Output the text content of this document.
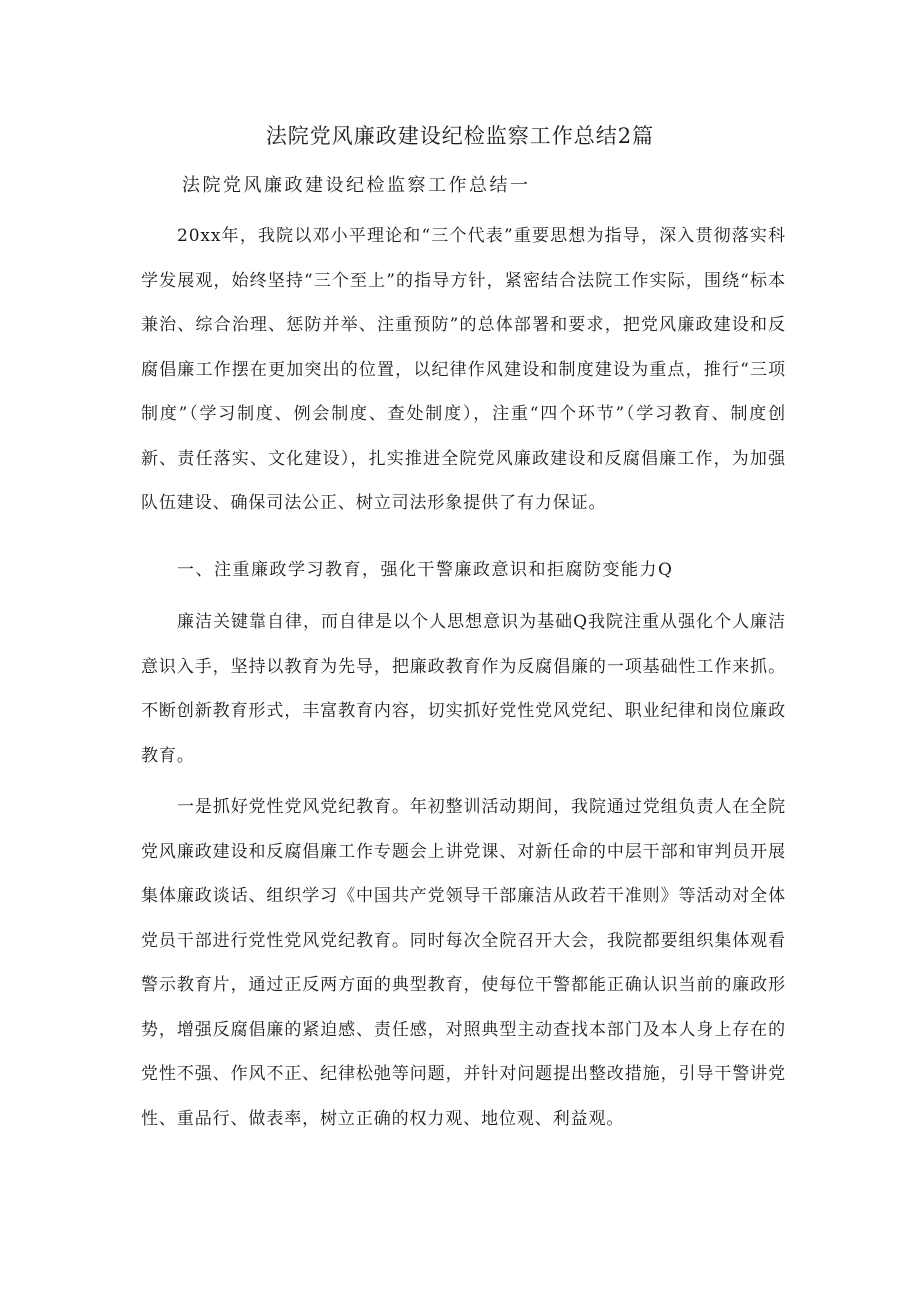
法院党风廉政建设纪检监察工作总结2篇
法院党风廉政建设纪检监察工作总结一

20xx年，我院以邓小平理论和“三个代表”重要思想为指导，深入贯彻落实科学发展观，始终坚持“三个至上”的指导方针，紧密结合法院工作实际，围绕“标本兼治、综合治理、惩防并举、注重预防”的总体部署和要求，把党风廉政建设和反腐倡廉工作摆在更加突出的位置，以纪律作风建设和制度建设为重点，推行“三项制度”（学习制度、例会制度、查处制度），注重“四个环节”（学习教育、制度创新、责任落实、文化建设），扎实推进全院党风廉政建设和反腐倡廉工作，为加强队伍建设、确保司法公正、树立司法形象提供了有力保证。

一、注重廉政学习教育，强化干警廉政意识和拒腐防变能力Q

廉洁关键靠自律，而自律是以个人思想意识为基础Q我院注重从强化个人廉洁意识入手，坚持以教育为先导，把廉政教育作为反腐倡廉的一项基础性工作来抓。不断创新教育形式，丰富教育内容，切实抓好党性党风党纪、职业纪律和岗位廉政教育。

一是抓好党性党风党纪教育。年初整训活动期间，我院通过党组负责人在全院党风廉政建设和反腐倡廉工作专题会上讲党课、对新任命的中层干部和审判员开展集体廉政谈话、组织学习《中国共产党领导干部廉洁从政若干准则》等活动对全体党员干部进行党性党风党纪教育。同时每次全院召开大会，我院都要组织集体观看警示教育片，通过正反两方面的典型教育，使每位干警都能正确认识当前的廉政形势，增强反腐倡廉的紧迫感、责任感，对照典型主动查找本部门及本人身上存在的党性不强、作风不正、纪律松弛等问题，并针对问题提出整改措施，引导干警讲党性、重品行、做表率，树立正确的权力观、地位观、利益观。
